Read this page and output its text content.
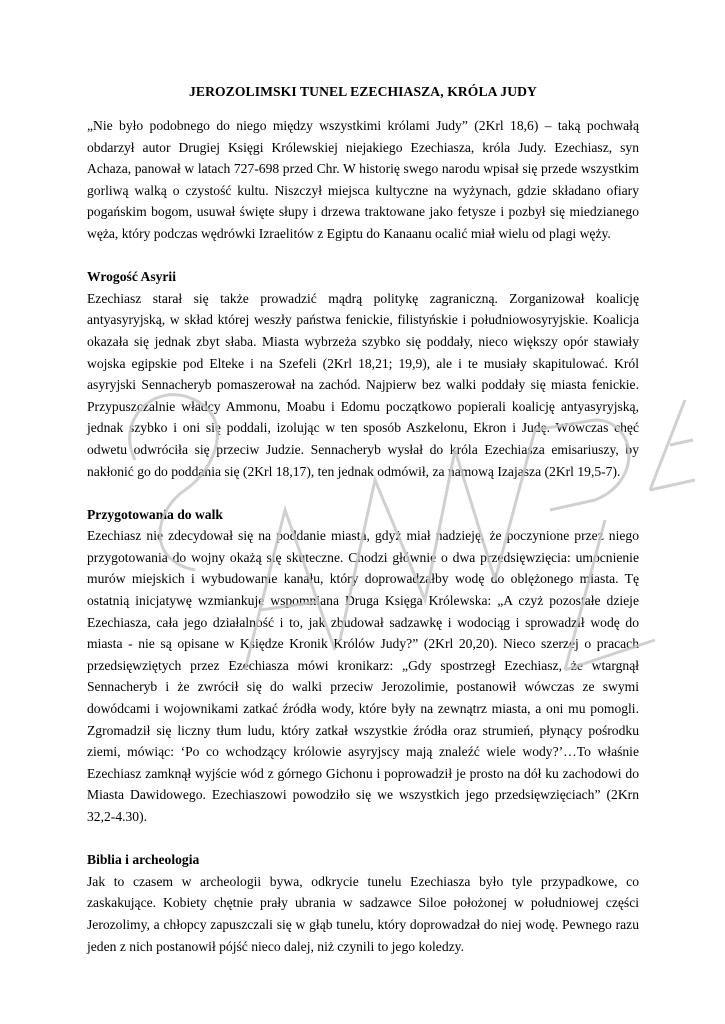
JEROZOLIMSKI TUNEL EZECHIASZA, KRÓLA JUDY

„Nie było podobnego do niego między wszystkimi królami Judy” (2Krl 18,6) – taką pochwałą obdarzył autor Drugiej Księgi Królewskiej niejakiego Ezechiasza, króla Judy. Ezechiasz, syn Achaza, panował w latach 727-698 przed Chr. W historię swego narodu wpisał się przede wszystkim gorliwą walką o czystość kultu. Niszczył miejsca kultyczne na wyżynach, gdzie składano ofiary pogańskim bogom, usuwał święte słupy i drzewa traktowane jako fetysze i pozbył się miedzianego węża, który podczas wędrówki Izraelitów z Egiptu do Kanaanu ocalić miał wielu od plagi węży.

Wrogość Asyrii

Ezechiasz starał się także prowadzić mądrą politykę zagraniczną. Zorganizował koalicję antyasyryjską, w skład której weszły państwa fenickie, filistyńskie i południowosyryjskie. Koalicja okazała się jednak zbyt słaba. Miasta wybrzeża szybko się poddały, nieco większy opór stawiały wojska egipskie pod Elteke i na Szefeli (2Krl 18,21; 19,9), ale i te musiały skapitulować. Król asyryjski Sennacheryb pomaszerował na zachód. Najpierw bez walki poddały się miasta fenickie. Przypuszczalnie władcy Ammonu, Moabu i Edomu początkowo popierali koalicję antyasyryjską, jednak szybko i oni się poddali, izolując w ten sposób Aszkelonu, Ekron i Judę. Wówczas chęć odwetu odwróciła się przeciw Judzie. Sennacheryb wysłał do króla Ezechiasza emisariuszy, by nakłonić go do poddania się (2Krl 18,17), ten jednak odmówił, za namową Izajasza (2Krl 19,5-7).

Przygotowania do walk

Ezechiasz nie zdecydował się na poddanie miasta, gdyż miał nadzieję, że poczynione przez niego przygotowania do wojny okażą się skuteczne. Chodzi głównie o dwa przedsięwzięcia: umocnienie murów miejskich i wybudowanie kanału, który doprowadzałby wodę do oblężonego miasta. Tę ostatnią inicjatywę wzmiankuje wspomniana Druga Księga Królewska: „A czyż pozostałe dzieje Ezechiasza, cała jego działalność i to, jak zbudował sadzawkę i wodociąg i sprowadził wodę do miasta - nie są opisane w Księdze Kronik Królów Judy?” (2Krl 20,20). Nieco szerzej o pracach przedsięwziętych przez Ezechiasza mówi kronikarz: „Gdy spostrzegł Ezechiasz, że wtargnął Sennacheryb i że zwrócił się do walki przeciw Jerozolimie, postanowił wówczas ze swymi dowódcami i wojownikami zatkać źródła wody, które były na zewnątrz miasta, a oni mu pomogli. Zgromadził się liczny tłum ludu, który zatkał wszystkie źródła oraz strumień, płynący pośrodku ziemi, mówiąc: ‘Po co wchodzący królowie asyryjscy mają znaleźć wiele wody?’…To właśnie Ezechiasz zamknął wyjście wód z górnego Gichonu i poprowadził je prosto na dół ku zachodowi do Miasta Dawidowego. Ezechiaszowi powodziło się we wszystkich jego przedsięwzięciach” (2Krn 32,2-4.30).

Biblia i archeologia

Jak to czasem w archeologii bywa, odkrycie tunelu Ezechiasza było tyle przypadkowe, co zaskakujące. Kobiety chętnie prały ubrania w sadzawce Siloe położonej w południowej części Jerozolimy, a chłopcy zapuszczali się w głąb tunelu, który doprowadzał do niej wodę. Pewnego razu jeden z nich postanowił pójść nieco dalej, niż czynili to jego koledzy.
